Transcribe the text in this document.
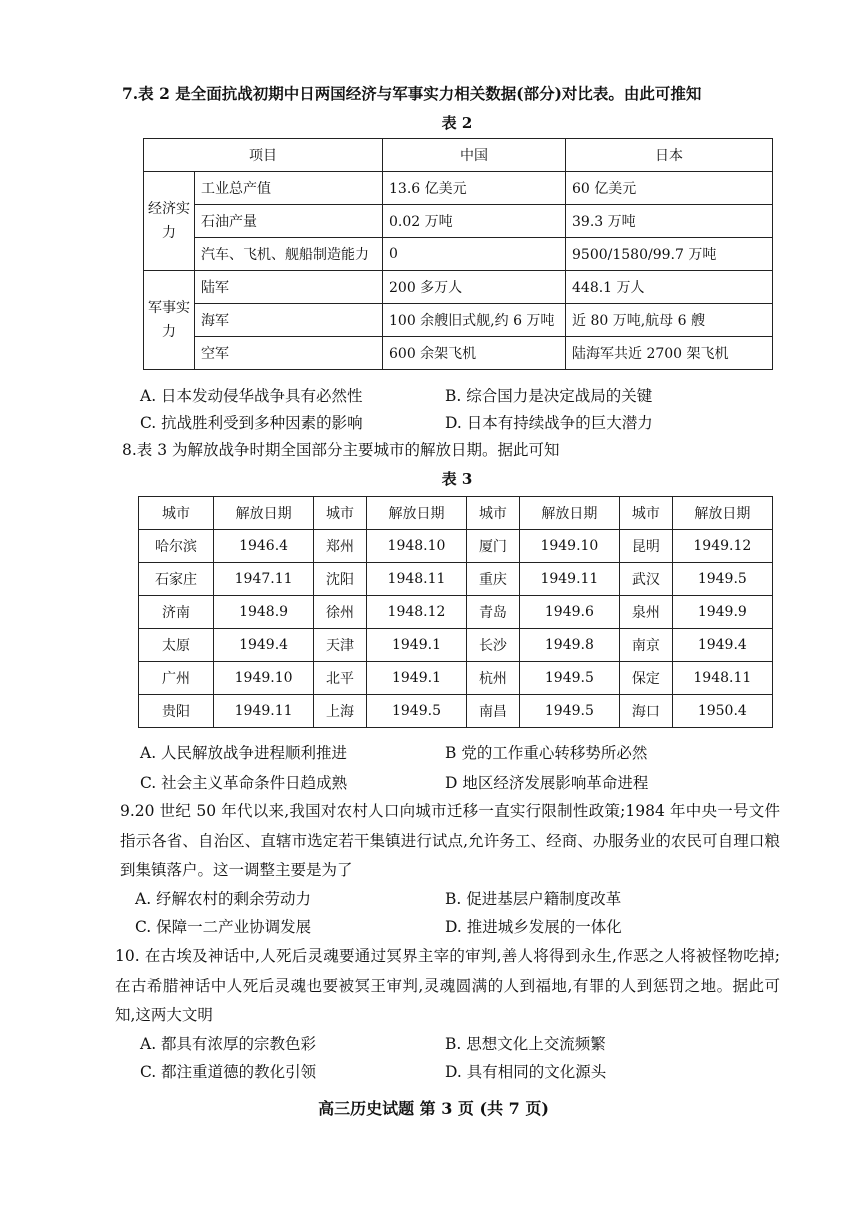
7.表 2 是全面抗战初期中日两国经济与军事实力相关数据(部分)对比表。由此可推知
表 2
项目		中国	日本
经济实力	工业总产值	13.6 亿美元	60 亿美元
	石油产量	0.02 万吨	39.3 万吨
	汽车、飞机、舰船制造能力	0	9500/1580/99.7 万吨
军事实力	陆军	200 多万人	448.1 万人
	海军	100 余艘旧式舰,约 6 万吨	近 80 万吨,航母 6 艘
	空军	600 余架飞机	陆海军共近 2700 架飞机
A. 日本发动侵华战争具有必然性	B. 综合国力是决定战局的关键
C. 抗战胜利受到多种因素的影响	D. 日本有持续战争的巨大潜力
8.表 3 为解放战争时期全国部分主要城市的解放日期。据此可知
表 3
城市	解放日期	城市	解放日期	城市	解放日期	城市	解放日期
哈尔滨	1946.4	郑州	1948.10	厦门	1949.10	昆明	1949.12
石家庄	1947.11	沈阳	1948.11	重庆	1949.11	武汉	1949.5
济南	1948.9	徐州	1948.12	青岛	1949.6	泉州	1949.9
太原	1949.4	天津	1949.1	长沙	1949.8	南京	1949.4
广州	1949.10	北平	1949.1	杭州	1949.5	保定	1948.11
贵阳	1949.11	上海	1949.5	南昌	1949.5	海口	1950.4
A. 人民解放战争进程顺利推进	B 党的工作重心转移势所必然
C. 社会主义革命条件日趋成熟	D 地区经济发展影响革命进程
9.20 世纪 50 年代以来,我国对农村人口向城市迁移一直实行限制性政策;1984 年中央一号文件指示各省、自治区、直辖市选定若干集镇进行试点,允许务工、经商、办服务业的农民可自理口粮到集镇落户。这一调整主要是为了
A. 纾解农村的剩余劳动力	B. 促进基层户籍制度改革
C. 保障一二产业协调发展	D. 推进城乡发展的一体化
10. 在古埃及神话中,人死后灵魂要通过冥界主宰的审判,善人将得到永生,作恶之人将被怪物吃掉;在古希腊神话中人死后灵魂也要被冥王审判,灵魂圆满的人到福地,有罪的人到惩罚之地。据此可知,这两大文明
A. 都具有浓厚的宗教色彩	B. 思想文化上交流频繁
C. 都注重道德的教化引领	D. 具有相同的文化源头
高三历史试题 第 3 页 (共 7 页)
